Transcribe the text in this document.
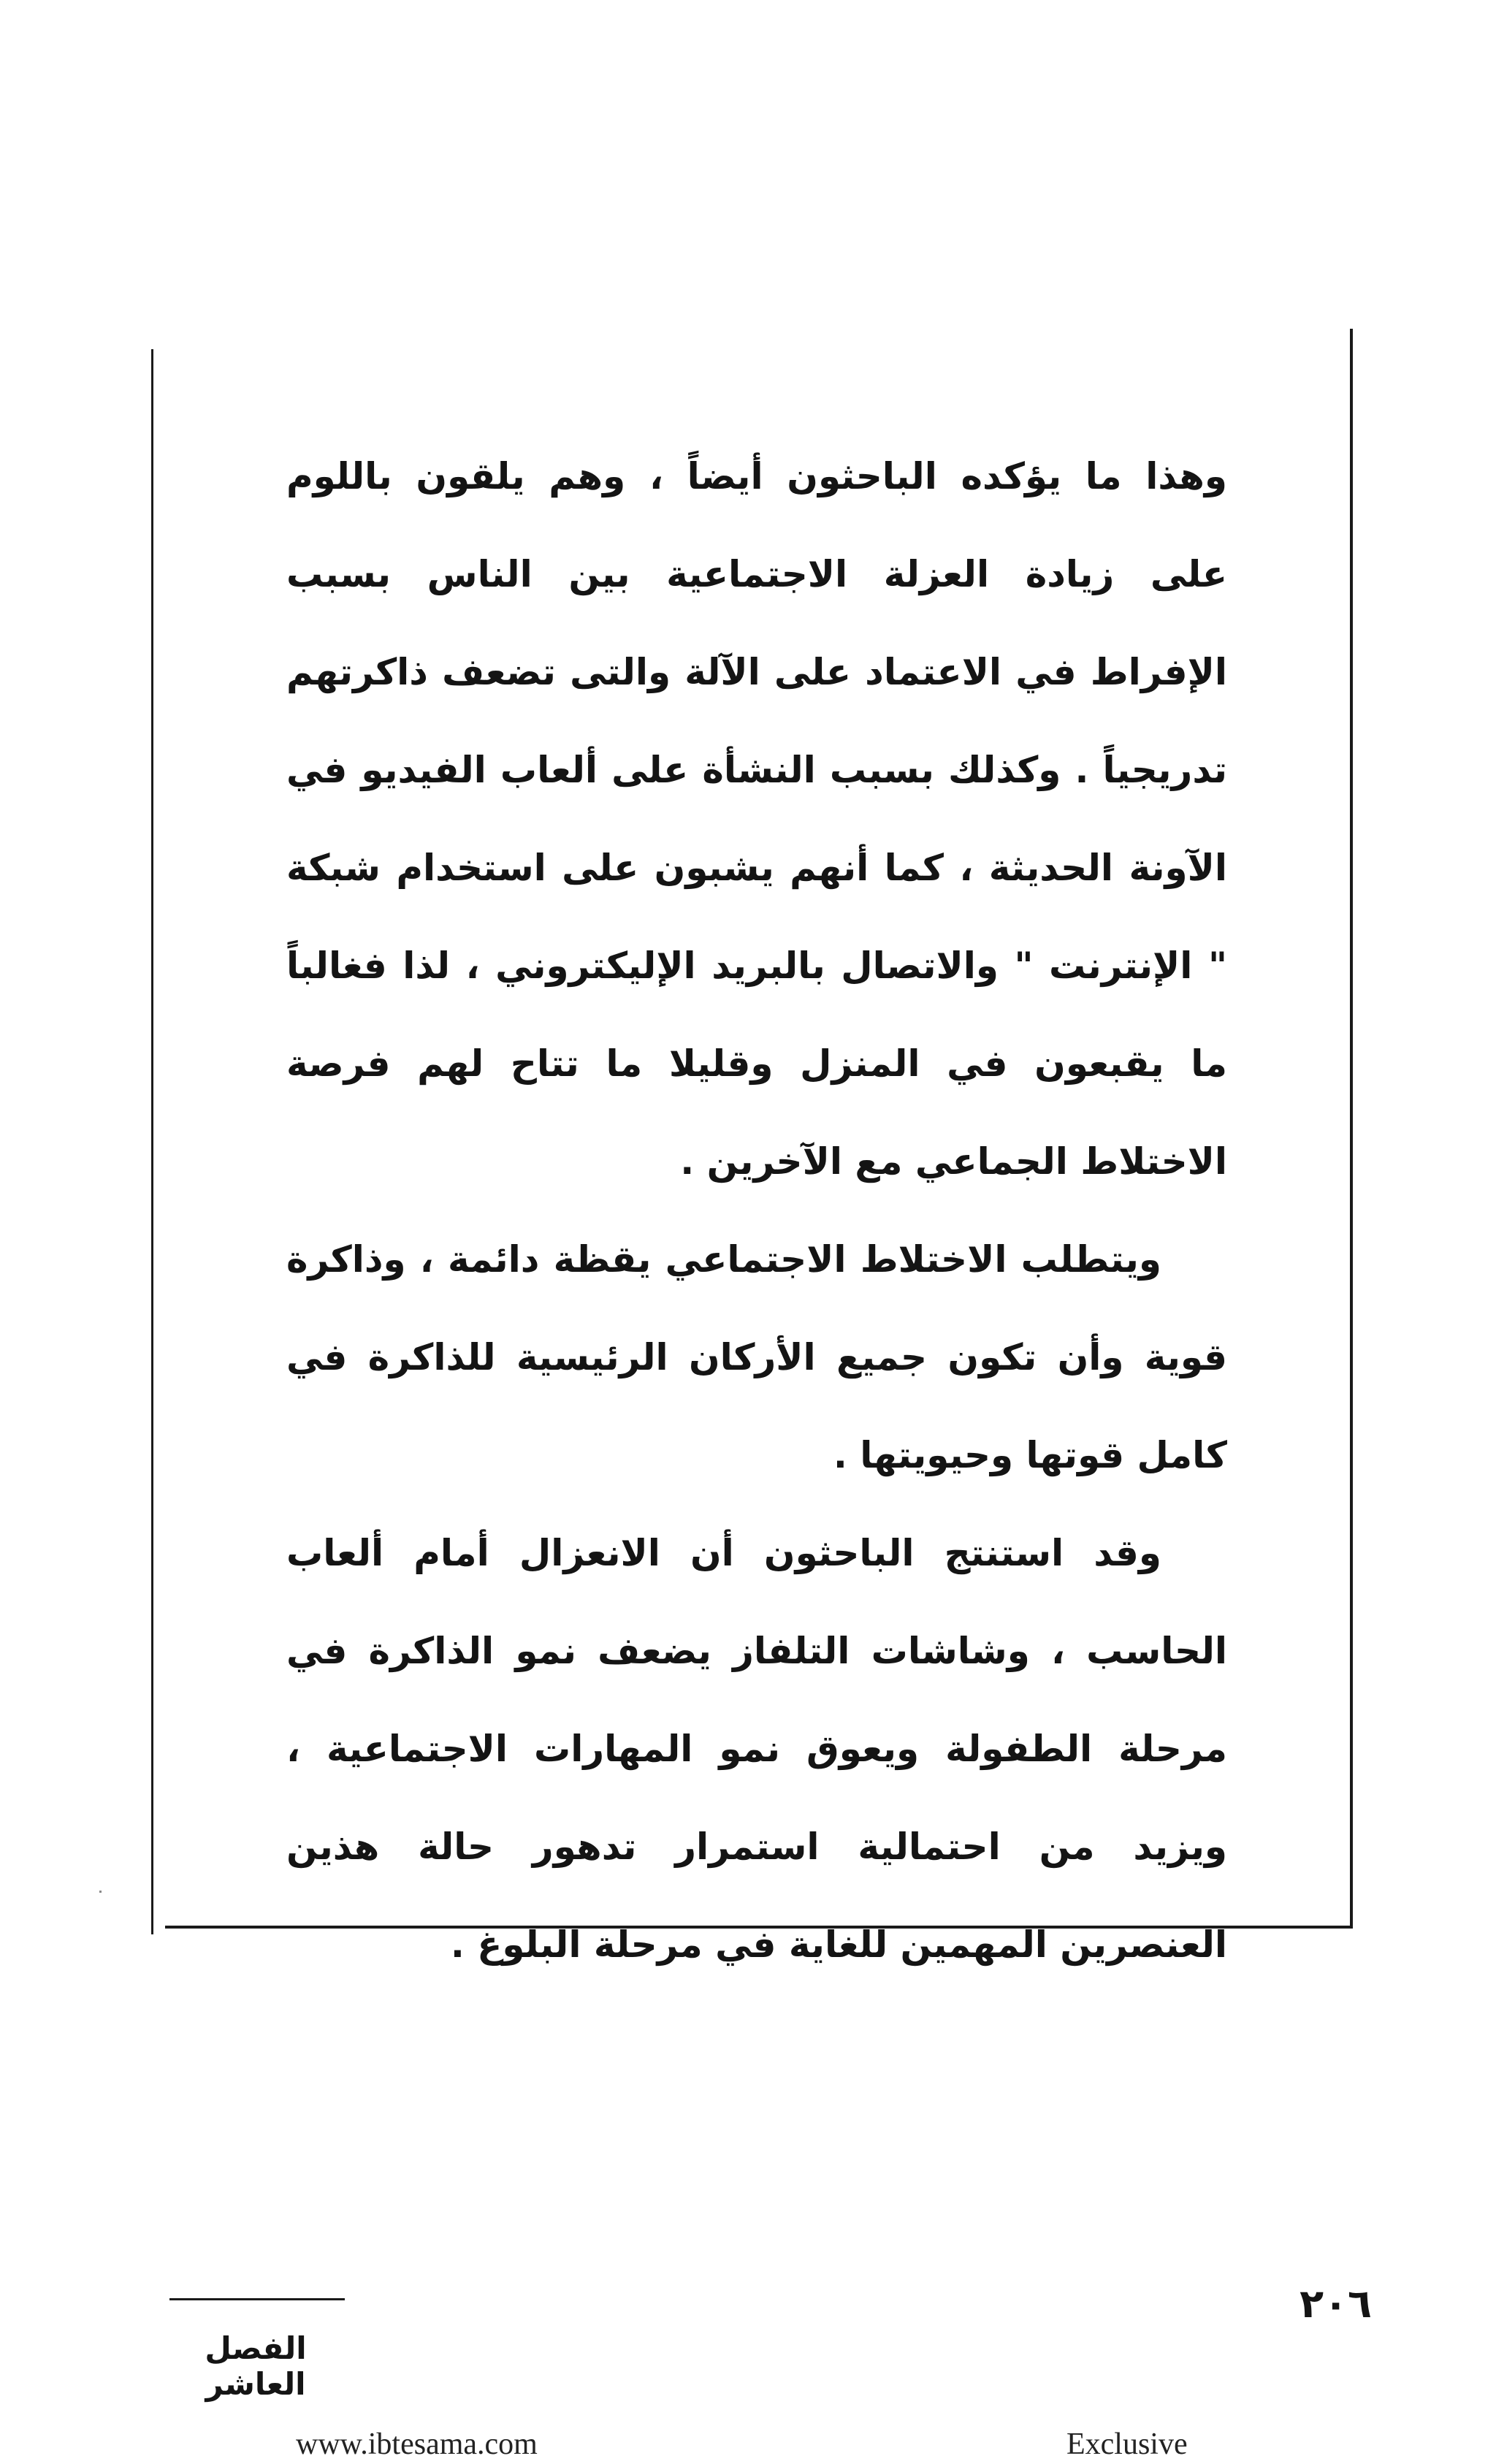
وهذا ما يؤكده الباحثون أيضاً ، وهم يلقون باللوم على زيادة العزلة الاجتماعية بين الناس بسبب الإفراط في الاعتماد على الآلة والتى تضعف ذاكرتهم تدريجياً . وكذلك بسبب النشأة على ألعاب الفيديو في الآونة الحديثة ، كما أنهم يشبون على استخدام شبكة " الإنترنت " والاتصال بالبريد الإليكتروني ، لذا فغالباً ما يقبعون في المنزل وقليلا ما تتاح لهم فرصة الاختلاط الجماعي مع الآخرين .

ويتطلب الاختلاط الاجتماعي يقظة دائمة ، وذاكرة قوية وأن تكون جميع الأركان الرئيسية للذاكرة في كامل قوتها وحيويتها .

وقد استنتج الباحثون أن الانعزال أمام ألعاب الحاسب ، وشاشات التلفاز يضعف نمو الذاكرة في مرحلة الطفولة ويعوق نمو المهارات الاجتماعية ، ويزيد من احتمالية استمرار تدهور حالة هذين العنصرين المهمين للغاية في مرحلة البلوغ .

٢٠٦
الفصل العاشر
www.ibtesama.com	Exclusive
